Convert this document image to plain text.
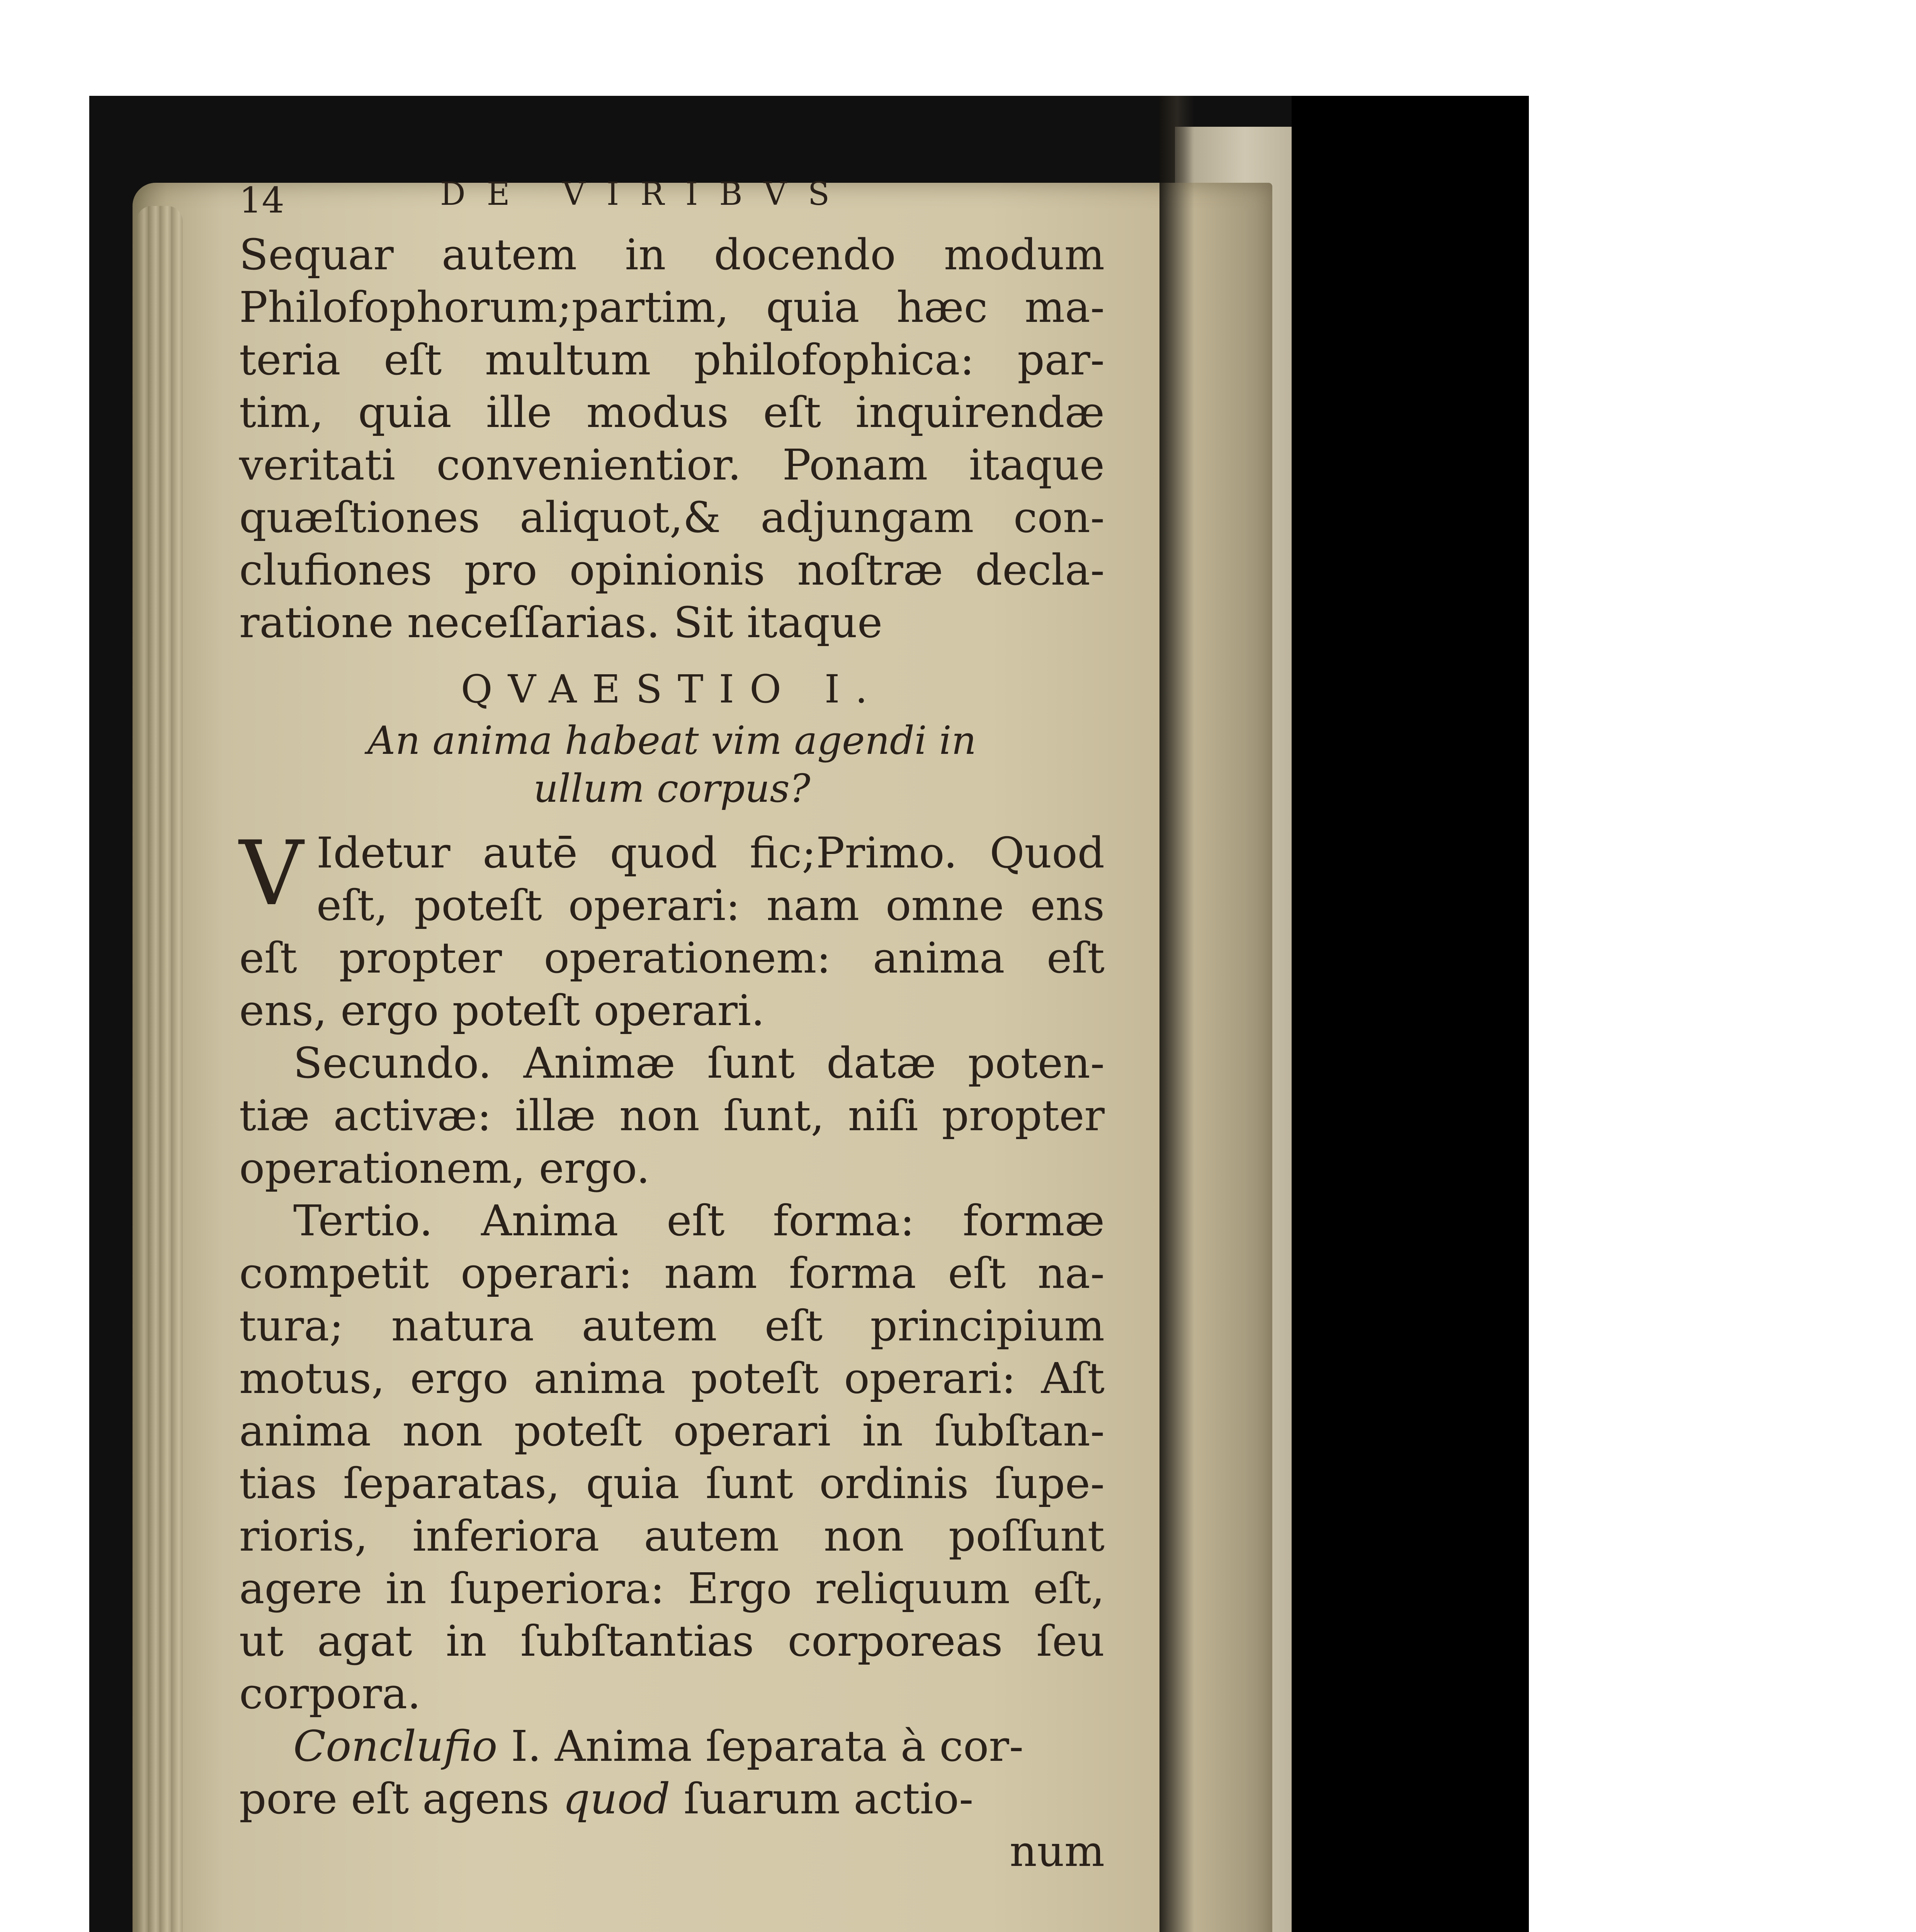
14	DE VIRIBVS
Sequar autem in docendo modum
Philofophorum;partim, quia hæc ma-
teria eſt multum philofophica: par-
tim, quia ille modus eſt inquirendæ
veritati convenientior. Ponam itaque
quæſtiones aliquot,& adjungam con-
clufiones pro opinionis noſtræ decla-
ratione neceſſarias. Sit itaque
QVAESTIO I.
An anima habeat vim agendi in
ullum corpus?
V Idetur autē quod fic;Primo. Quod
eſt, poteſt operari: nam omne ens
eſt propter operationem: anima eſt
ens, ergo poteſt operari.
Secundo. Animæ ſunt datæ poten-
tiæ activæ: illæ non ſunt, niſi propter
operationem, ergo.
Tertio. Anima eſt forma: formæ
competit operari: nam forma eſt na-
tura; natura autem eſt principium
motus, ergo anima poteſt operari: Aſt
anima non poteſt operari in ſubſtan-
tias ſeparatas, quia ſunt ordinis ſupe-
rioris, inferiora autem non poſſunt
agere in ſuperiora: Ergo reliquum eſt,
ut agat in ſubſtantias corporeas ſeu
corpora.
Conclufio I. Anima ſeparata à cor-
pore eſt agens quod ſuarum actio-
num
